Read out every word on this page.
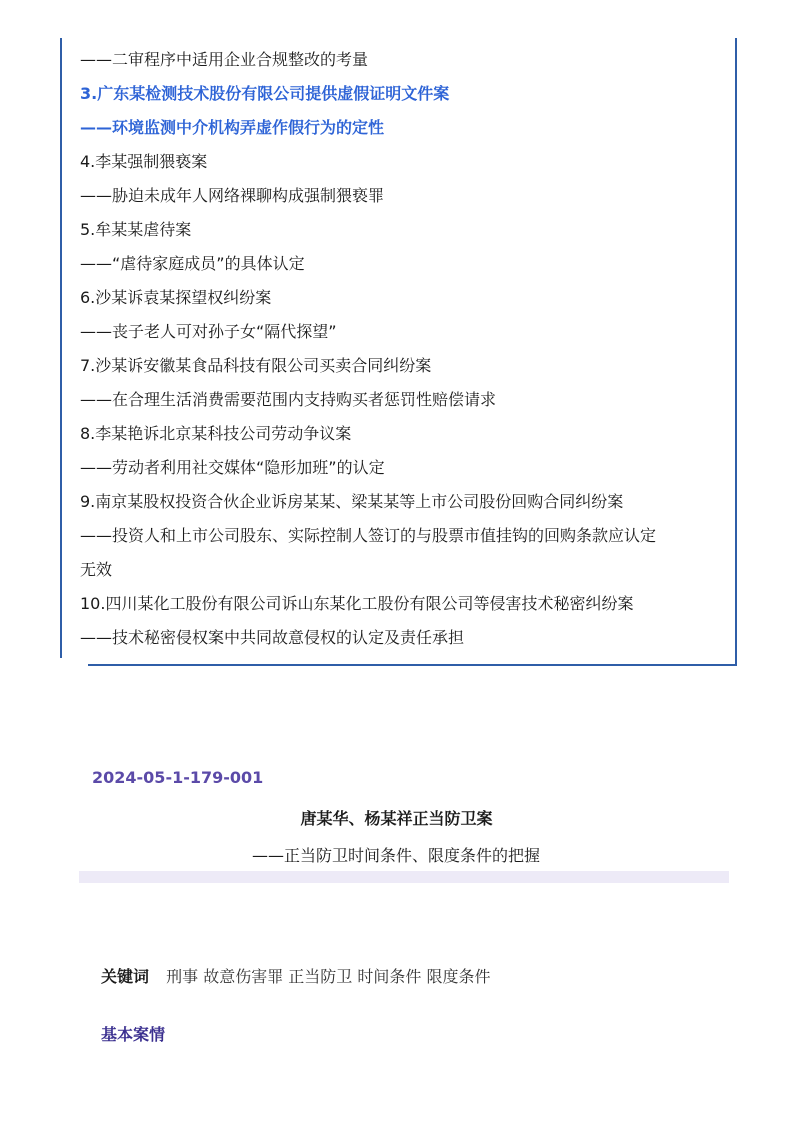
——二审程序中适用企业合规整改的考量
3.广东某检测技术股份有限公司提供虚假证明文件案
——环境监测中介机构弄虚作假行为的定性
4.李某强制猥亵案
——胁迫未成年人网络裸聊构成强制猥亵罪
5.牟某某虐待案
——“虐待家庭成员”的具体认定
6.沙某诉袁某探望权纠纷案
——丧子老人可对孙子女“隔代探望”
7.沙某诉安徽某食品科技有限公司买卖合同纠纷案
——在合理生活消费需要范围内支持购买者惩罚性赔偿请求
8.李某艳诉北京某科技公司劳动争议案
——劳动者利用社交媒体“隐形加班”的认定
9.南京某股权投资合伙企业诉房某某、梁某某等上市公司股份回购合同纠纷案
——投资人和上市公司股东、实际控制人签订的与股票市值挂钩的回购条款应认定
无效
10.四川某化工股份有限公司诉山东某化工股份有限公司等侵害技术秘密纠纷案
——技术秘密侵权案中共同故意侵权的认定及责任承担
2024-05-1-179-001
唐某华、杨某祥正当防卫案
——正当防卫时间条件、限度条件的把握
关键词 刑事 故意伤害罪 正当防卫 时间条件 限度条件
基本案情
